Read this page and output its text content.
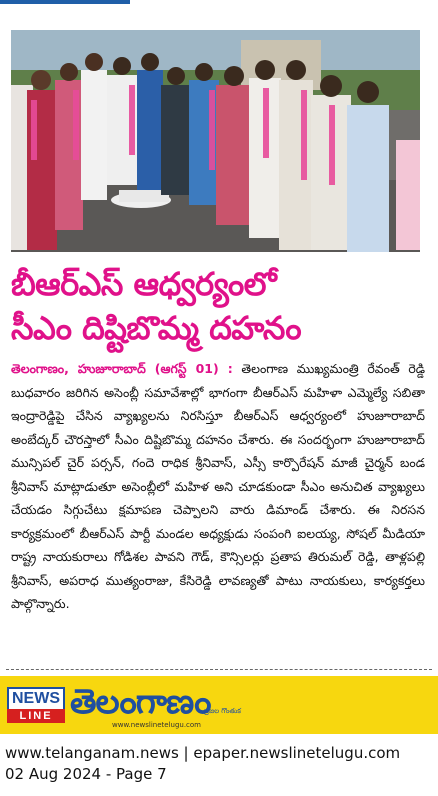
బీఆర్ఎస్ ఆధ్వర్యంలో
సీఎం దిష్టిబొమ్మ దహనం
తెలంగాణం, హుజూరాబాద్ (ఆగస్ట్ 01) : తెలంగాణ ముఖ్యమంత్రి రేవంత్ రెడ్డి బుధవారం జరిగిన అసెంబ్లీ సమావేశాల్లో భాగంగా బీఆర్ఎస్ మహిళా ఎమ్మెల్యే సబితా ఇంద్రారెడ్డిపై చేసిన వ్యాఖ్యలను నిరసిస్తూ బీఆర్ఎస్ ఆధ్వర్యంలో హుజూరాబాద్ అంబేద్కర్ చౌరస్తాలో సీఎం దిష్టిబొమ్మ దహనం చేశారు. ఈ సందర్భంగా హుజూరాబాద్ మున్సిపల్ చైర్ పర్సన్, గందె రాధిక శ్రీనివాస్, ఎస్సీ కార్పొరేషన్ మాజీ చైర్మన్ బండ శ్రీనివాస్ మాట్లాడుతూ అసెంబ్లీలో మహిళ అని చూడకుండా సీఎం అనుచిత వ్యాఖ్యలు చేయడం సిగ్గుచేటు క్షమాపణ చెప్పాలని వారు డిమాండ్ చేశారు. ఈ నిరసన కార్యక్రమంలో బీఆర్ఎస్ పార్టీ మండల అధ్యక్షుడు సంపంగి ఐలయ్య, సోషల్ మీడియా రాష్ట్ర నాయకురాలు గోడిశల పావని గౌడ్, కౌన్సిలర్లు ప్రతాప తిరుమల్ రెడ్డి, తాళ్లపల్లి శ్రీనివాస్, అపరాధ ముత్యంరాజు, కేసిరెడ్డి లావణ్యతో పాటు నాయకులు, కార్యకర్తలు పాల్గొన్నారు.
NEWS
LINE తెలంగాణం
ప్రజల గొంతుక
www.newslinetelugu.com
www.telanganam.news | epaper.newslinetelugu.com
02 Aug 2024 - Page 7
